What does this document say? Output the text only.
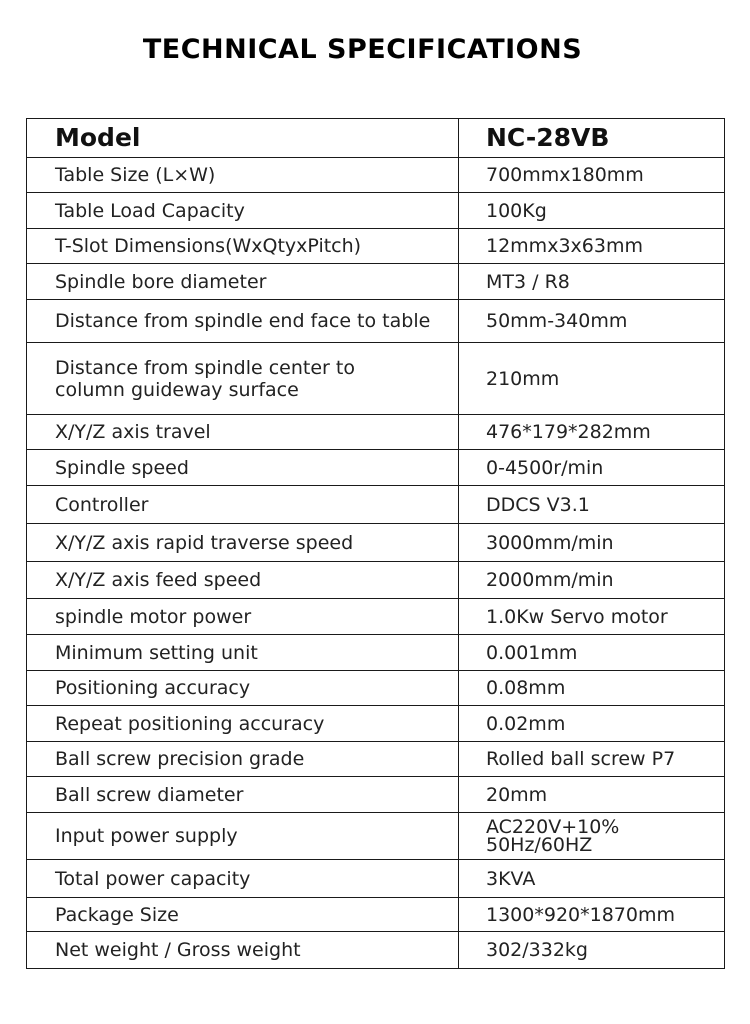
TECHNICAL SPECIFICATIONS
Model	NC-28VB

Table Size (L×W)	700mmx180mm

Table Load Capacity	100Kg

T-Slot Dimensions(WxQtyxPitch)	12mmx3x63mm

Spindle bore diameter	MT3 / R8

Distance from spindle end face to table	50mm-340mm

Distance from spindle center to
column guideway surface	210mm

X/Y/Z axis travel	476*179*282mm

Spindle speed	0-4500r/min

Controller	DDCS V3.1

X/Y/Z axis rapid traverse speed	3000mm/min

X/Y/Z axis feed speed	2000mm/min

spindle motor power	1.0Kw Servo motor

Minimum setting unit	0.001mm

Positioning accuracy	0.08mm

Repeat positioning accuracy	0.02mm

Ball screw precision grade	Rolled ball screw P7

Ball screw diameter	20mm

Input power supply	AC220V+10%
50Hz/60HZ

Total power capacity	3KVA

Package Size	1300*920*1870mm

Net weight / Gross weight	302/332kg
